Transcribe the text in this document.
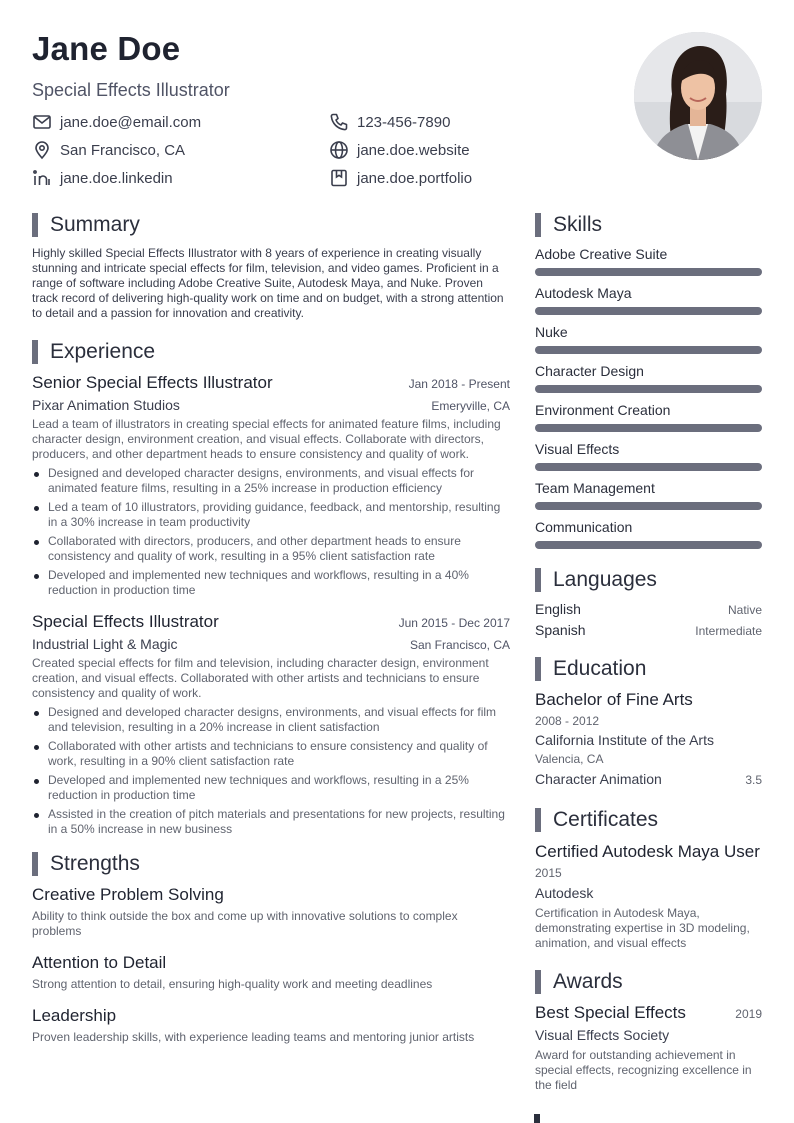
Jane Doe
Special Effects Illustrator
jane.doe@email.com
San Francisco, CA
jane.doe.linkedin
123-456-7890
jane.doe.website
jane.doe.portfolio
Summary

Highly skilled Special Effects Illustrator with 8 years of experience in creating visually stunning and intricate special effects for film, television, and video games. Proficient in a range of software including Adobe Creative Suite, Autodesk Maya, and Nuke. Proven track record of delivering high-quality work on time and on budget, with a strong attention to detail and a passion for innovation and creativity.

Experience
Senior Special Effects Illustrator	Jan 2018 - Present
Pixar Animation Studios	Emeryville, CA

Lead a team of illustrators in creating special effects for animated feature films, including character design, environment creation, and visual effects. Collaborate with directors, producers, and other department heads to ensure consistency and quality of work.

Designed and developed character designs, environments, and visual effects for animated feature films, resulting in a 25% increase in production efficiency
Led a team of 10 illustrators, providing guidance, feedback, and mentorship, resulting in a 30% increase in team productivity
Collaborated with directors, producers, and other department heads to ensure consistency and quality of work, resulting in a 95% client satisfaction rate
Developed and implemented new techniques and workflows, resulting in a 40% reduction in production time
Special Effects Illustrator	Jun 2015 - Dec 2017
Industrial Light & Magic	San Francisco, CA

Created special effects for film and television, including character design, environment creation, and visual effects. Collaborated with other artists and technicians to ensure consistency and quality of work.

Designed and developed character designs, environments, and visual effects for film and television, resulting in a 20% increase in client satisfaction
Collaborated with other artists and technicians to ensure consistency and quality of work, resulting in a 90% client satisfaction rate
Developed and implemented new techniques and workflows, resulting in a 25% reduction in production time
Assisted in the creation of pitch materials and presentations for new projects, resulting in a 50% increase in new business
Strengths
Creative Problem Solving
Ability to think outside the box and come up with innovative solutions to complex problems
Attention to Detail
Strong attention to detail, ensuring high-quality work and meeting deadlines
Leadership
Proven leadership skills, with experience leading teams and mentoring junior artists
Skills
Adobe Creative Suite
Autodesk Maya
Nuke
Character Design
Environment Creation
Visual Effects
Team Management
Communication
Languages
English	Native
Spanish	Intermediate
Education
Bachelor of Fine Arts
2008 - 2012
California Institute of the Arts
Valencia, CA
Character Animation	3.5
Certificates
Certified Autodesk Maya User
2015
Autodesk
Certification in Autodesk Maya, demonstrating expertise in 3D modeling, animation, and visual effects
Awards
Best Special Effects	2019
Visual Effects Society
Award for outstanding achievement in special effects, recognizing excellence in the field
